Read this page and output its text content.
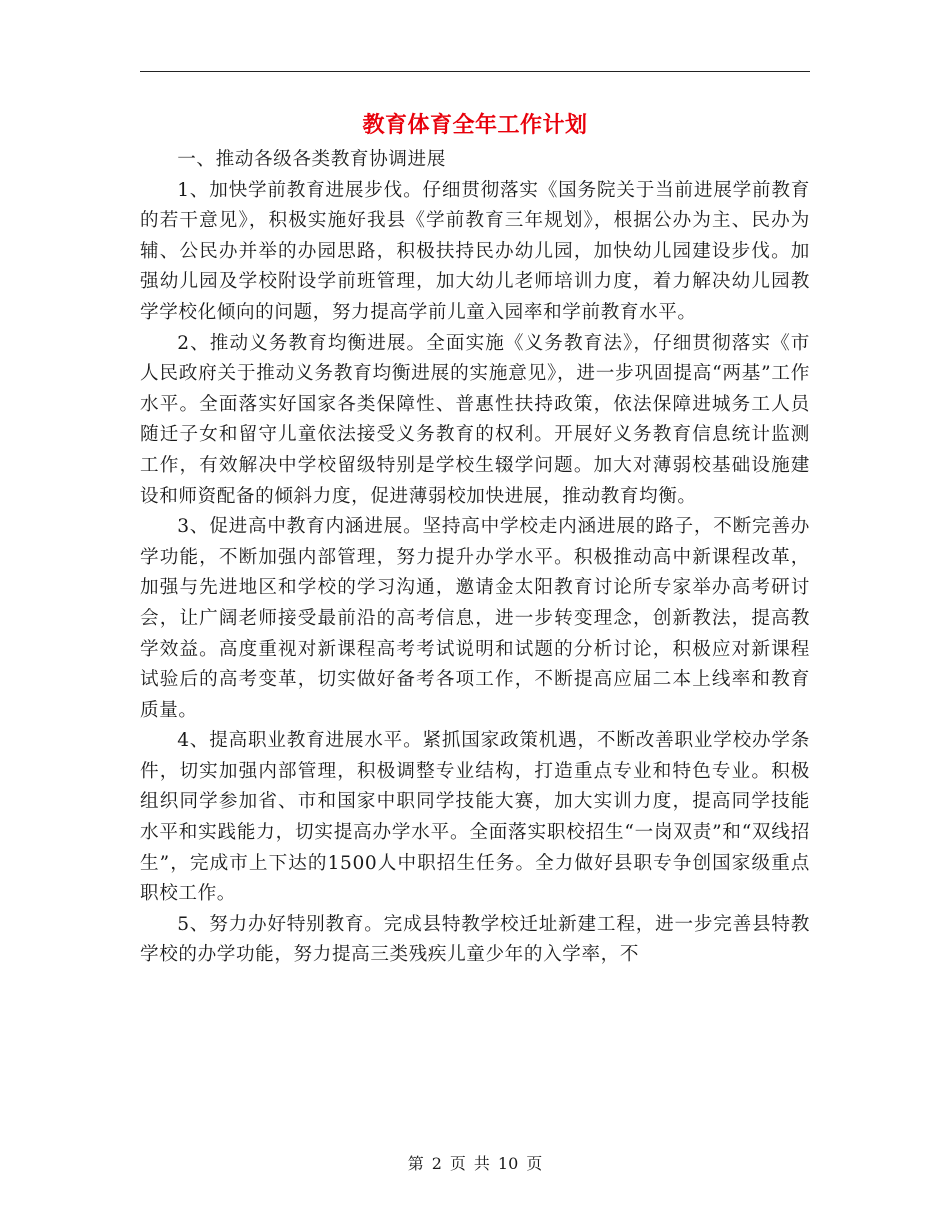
教育体育全年工作计划

一、推动各级各类教育协调进展

1、加快学前教育进展步伐。仔细贯彻落实《国务院关于当前进展学前教育的若干意见》，积极实施好我县《学前教育三年规划》，根据公办为主、民办为辅、公民办并举的办园思路，积极扶持民办幼儿园，加快幼儿园建设步伐。加强幼儿园及学校附设学前班管理，加大幼儿老师培训力度，着力解决幼儿园教学学校化倾向的问题，努力提高学前儿童入园率和学前教育水平。

2、推动义务教育均衡进展。全面实施《义务教育法》，仔细贯彻落实《市人民政府关于推动义务教育均衡进展的实施意见》，进一步巩固提高“两基”工作水平。全面落实好国家各类保障性、普惠性扶持政策，依法保障进城务工人员随迁子女和留守儿童依法接受义务教育的权利。开展好义务教育信息统计监测工作，有效解决中学校留级特别是学校生辍学问题。加大对薄弱校基础设施建设和师资配备的倾斜力度，促进薄弱校加快进展，推动教育均衡。

3、促进高中教育内涵进展。坚持高中学校走内涵进展的路子，不断完善办学功能，不断加强内部管理，努力提升办学水平。积极推动高中新课程改革，加强与先进地区和学校的学习沟通，邀请金太阳教育讨论所专家举办高考研讨会，让广阔老师接受最前沿的高考信息，进一步转变理念，创新教法，提高教学效益。高度重视对新课程高考考试说明和试题的分析讨论，积极应对新课程试验后的高考变革，切实做好备考各项工作，不断提高应届二本上线率和教育质量。

4、提高职业教育进展水平。紧抓国家政策机遇，不断改善职业学校办学条件，切实加强内部管理，积极调整专业结构，打造重点专业和特色专业。积极组织同学参加省、市和国家中职同学技能大赛，加大实训力度，提高同学技能水平和实践能力，切实提高办学水平。全面落实职校招生“一岗双责”和“双线招生”，完成市上下达的1500人中职招生任务。全力做好县职专争创国家级重点职校工作。

5、努力办好特别教育。完成县特教学校迁址新建工程，进一步完善县特教学校的办学功能，努力提高三类残疾儿童少年的入学率，不

第 2 页 共 10 页
